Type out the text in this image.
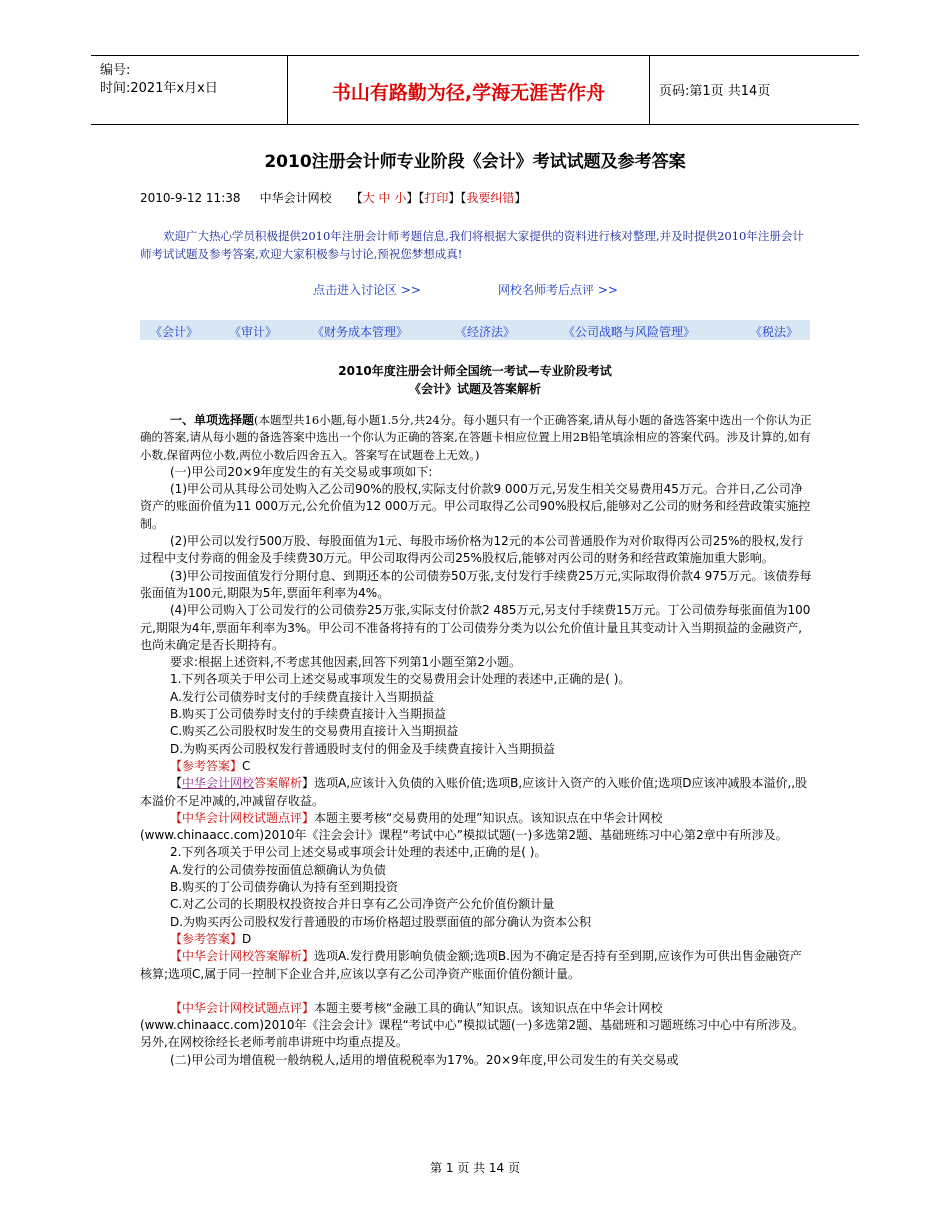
编号:
时间:2021年x月x日	书山有路勤为径,学海无涯苦作舟	页码:第1页 共14页
2010注册会计师专业阶段《会计》考试试题及参考答案
2010-9-12 11:38 中华会计网校 【大 中 小】【打印】【我要纠错】
欢迎广大热心学员积极提供2010年注册会计师考题信息,我们将根据大家提供的资料进行核对整理,并及时提供2010年注册会计师考试试题及参考答案,欢迎大家积极参与讨论,预祝您梦想成真!
点击进入讨论区 >>	网校名师考后点评 >>
《会计》	《审计》	《财务成本管理》	《经济法》	《公司战略与风险管理》	《税法》
2010年度注册会计师全国统一考试—专业阶段考试
《会计》试题及答案解析

一、单项选择题(本题型共16小题,每小题1.5分,共24分。每小题只有一个正确答案,请从每小题的备选答案中选出一个你认为正确的答案,请从每小题的备选答案中选出一个你认为正确的答案,在答题卡相应位置上用2B铅笔填涂相应的答案代码。涉及计算的,如有小数,保留两位小数,两位小数后四舍五入。答案写在试题卷上无效。)

(一)甲公司20×9年度发生的有关交易或事项如下:

(1)甲公司从其母公司处购入乙公司90%的股权,实际支付价款9 000万元,另发生相关交易费用45万元。合并日,乙公司净资产的账面价值为11 000万元,公允价值为12 000万元。甲公司取得乙公司90%股权后,能够对乙公司的财务和经营政策实施控制。

(2)甲公司以发行500万股、每股面值为1元、每股市场价格为12元的本公司普通股作为对价取得丙公司25%的股权,发行过程中支付券商的佣金及手续费30万元。甲公司取得丙公司25%股权后,能够对丙公司的财务和经营政策施加重大影响。

(3)甲公司按面值发行分期付息、到期还本的公司债券50万张,支付发行手续费25万元,实际取得价款4 975万元。该债券每张面值为100元,期限为5年,票面年利率为4%。

(4)甲公司购入丁公司发行的公司债券25万张,实际支付价款2 485万元,另支付手续费15万元。丁公司债券每张面值为100元,期限为4年,票面年利率为3%。甲公司不准备将持有的丁公司债券分类为以公允价值计量且其变动计入当期损益的金融资产,也尚未确定是否长期持有。

要求:根据上述资料,不考虑其他因素,回答下列第1小题至第2小题。

1.下列各项关于甲公司上述交易或事项发生的交易费用会计处理的表述中,正确的是( )。

A.发行公司债券时支付的手续费直接计入当期损益

B.购买丁公司债券时支付的手续费直接计入当期损益

C.购买乙公司股权时发生的交易费用直接计入当期损益

D.为购买丙公司股权发行普通股时支付的佣金及手续费直接计入当期损益

【参考答案】C

【中华会计网校答案解析】选项A,应该计入负债的入账价值;选项B,应该计入资产的入账价值;选项D应该冲减股本溢价,,股本溢价不足冲减的,冲减留存收益。

【中华会计网校试题点评】本题主要考核“交易费用的处理”知识点。该知识点在中华会计网校(www.chinaacc.com)2010年《注会会计》课程“考试中心”模拟试题(一)多选第2题、基础班练习中心第2章中有所涉及。

2.下列各项关于甲公司上述交易或事项会计处理的表述中,正确的是( )。

A.发行的公司债券按面值总额确认为负债

B.购买的丁公司债券确认为持有至到期投资

C.对乙公司的长期股权投资按合并日享有乙公司净资产公允价值份额计量

D.为购买丙公司股权发行普通股的市场价格超过股票面值的部分确认为资本公积

【参考答案】D

【中华会计网校答案解析】选项A.发行费用影响负债金额;选项B.因为不确定是否持有至到期,应该作为可供出售金融资产核算;选项C,属于同一控制下企业合并,应该以享有乙公司净资产账面价值份额计量。

【中华会计网校试题点评】本题主要考核“金融工具的确认”知识点。该知识点在中华会计网校(www.chinaacc.com)2010年《注会会计》课程“考试中心”模拟试题(一)多选第2题、基础班和习题班练习中心中有所涉及。另外,在网校徐经长老师考前串讲班中均重点提及。

(二)甲公司为增值税一般纳税人,适用的增值税税率为17%。20×9年度,甲公司发生的有关交易或

第 1 页 共 14 页
